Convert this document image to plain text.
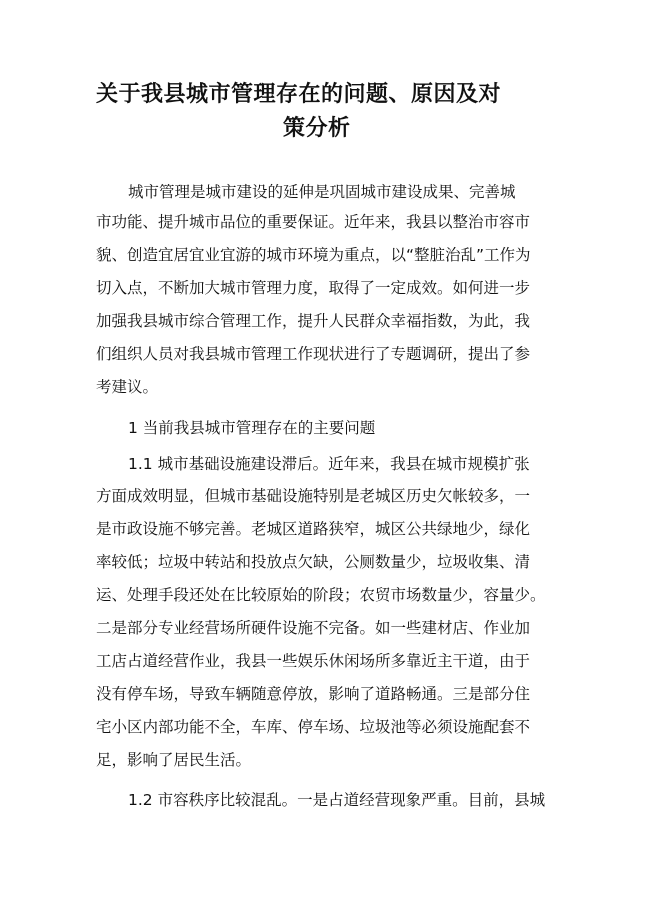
关于我县城市管理存在的问题、原因及对
策分析
城市管理是城市建设的延伸是巩固城市建设成果、完善城
市功能、提升城市品位的重要保证。近年来，我县以整治市容市
貌、创造宜居宜业宜游的城市环境为重点，以“整脏治乱”工作为
切入点，不断加大城市管理力度，取得了一定成效。如何进一步
加强我县城市综合管理工作，提升人民群众幸福指数，为此，我
们组织人员对我县城市管理工作现状进行了专题调研，提出了参
考建议。
1 当前我县城市管理存在的主要问题
1.1 城市基础设施建设滞后。近年来，我县在城市规模扩张
方面成效明显，但城市基础设施特别是老城区历史欠帐较多，一
是市政设施不够完善。老城区道路狭窄，城区公共绿地少，绿化
率较低；垃圾中转站和投放点欠缺，公厕数量少，垃圾收集、清
运、处理手段还处在比较原始的阶段；农贸市场数量少，容量少。
二是部分专业经营场所硬件设施不完备。如一些建材店、作业加
工店占道经营作业，我县一些娱乐休闲场所多靠近主干道，由于
没有停车场，导致车辆随意停放，影响了道路畅通。三是部分住
宅小区内部功能不全，车库、停车场、垃圾池等必须设施配套不
足，影响了居民生活。
1.2 市容秩序比较混乱。一是占道经营现象严重。目前，县城
